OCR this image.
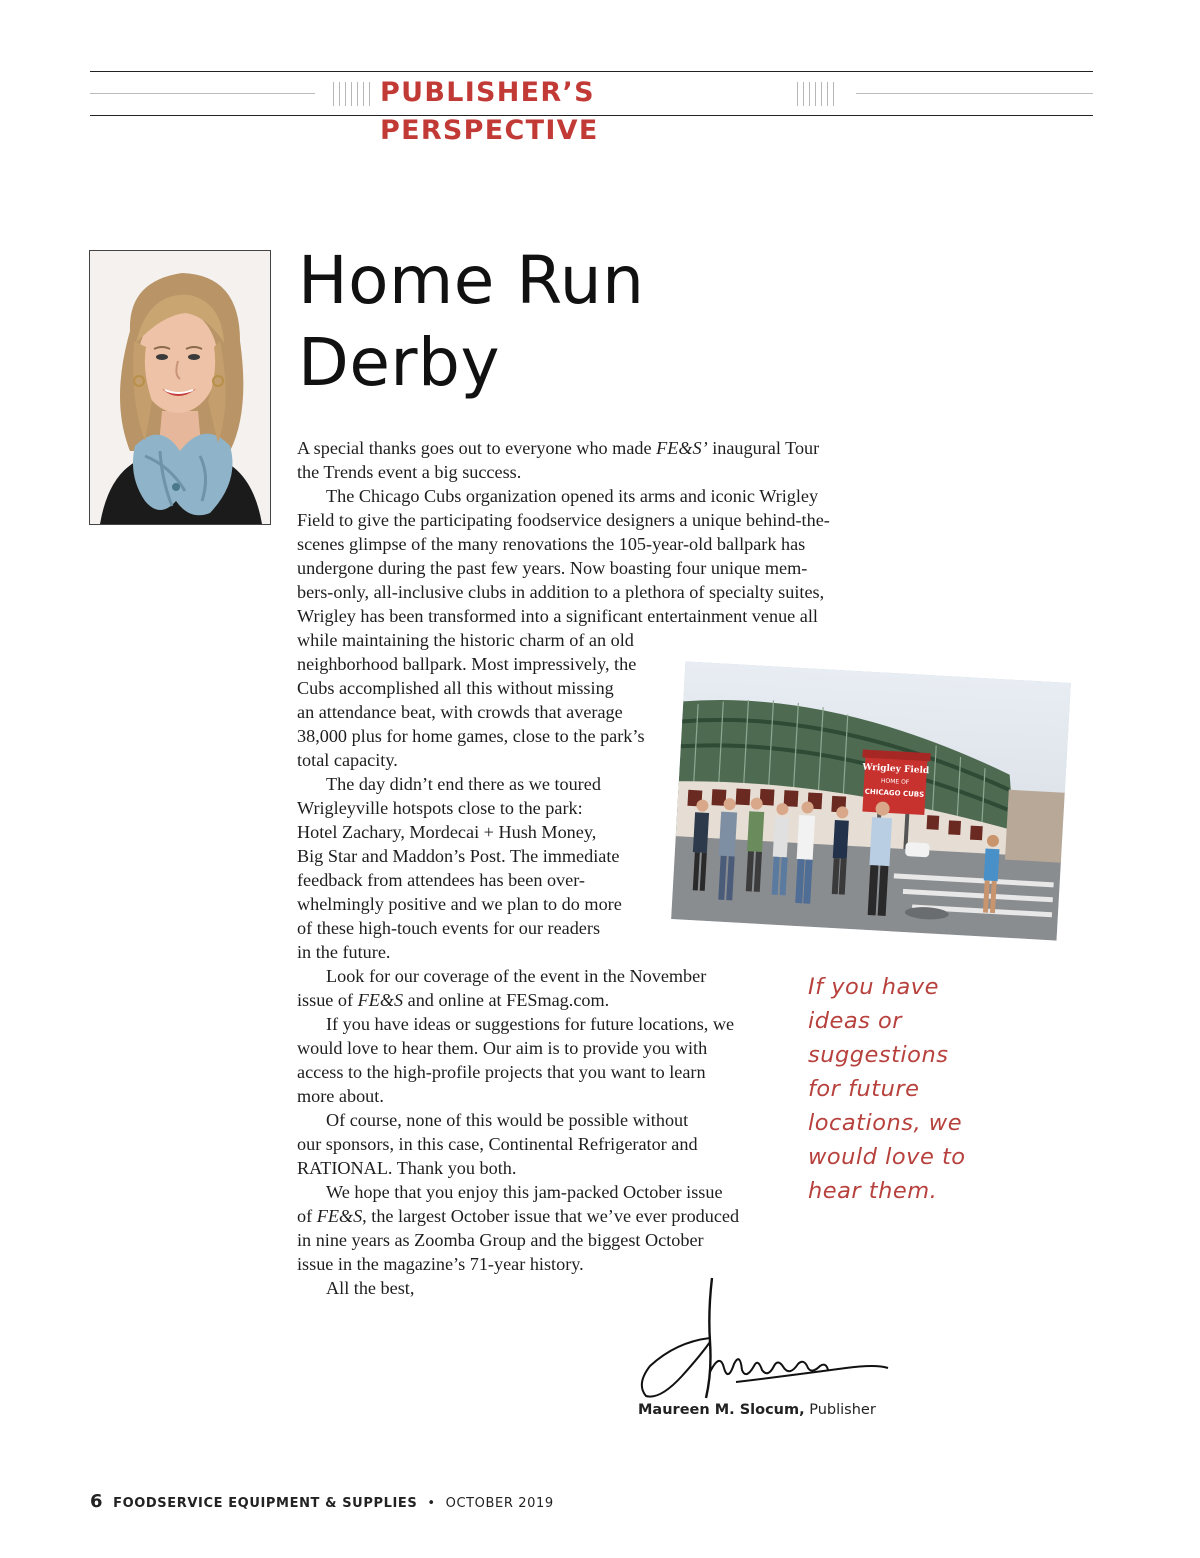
PUBLISHER’S PERSPECTIVE
Home Run
Derby
A special thanks goes out to everyone who made FE&S’ inaugural Tour
the Trends event a big success.
The Chicago Cubs organization opened its arms and iconic Wrigley
Field to give the participating foodservice designers a unique behind-the-
scenes glimpse of the many renovations the 105-year-old ballpark has
undergone during the past few years. Now boasting four unique mem-
bers-only, all-inclusive clubs in addition to a plethora of specialty suites,
Wrigley has been transformed into a significant entertainment venue all
while maintaining the historic charm of an old
neighborhood ballpark. Most impressively, the
Cubs accomplished all this without missing
an attendance beat, with crowds that average
38,000 plus for home games, close to the park’s
total capacity.
The day didn’t end there as we toured
Wrigleyville hotspots close to the park:
Hotel Zachary, Mordecai + Hush Money,
Big Star and Maddon’s Post. The immediate
feedback from attendees has been over-
whelmingly positive and we plan to do more
of these high-touch events for our readers
in the future.
Look for our coverage of the event in the November
issue of FE&S and online at FESmag.com.
If you have ideas or suggestions for future locations, we
would love to hear them. Our aim is to provide you with
access to the high-profile projects that you want to learn
more about.
Of course, none of this would be possible without
our sponsors, in this case, Continental Refrigerator and
RATIONAL. Thank you both.
We hope that you enjoy this jam-packed October issue
of FE&S, the largest October issue that we’ve ever produced
in nine years as Zoomba Group and the biggest October
issue in the magazine’s 71-year history.
All the best,
Wrigley Field
HOME OF
CHICAGO CUBS
If you have
ideas or
suggestions
for future
locations, we
would love to
hear them.
Maureen M. Slocum, Publisher
6 FOODSERVICE EQUIPMENT & SUPPLIES • OCTOBER 2019
